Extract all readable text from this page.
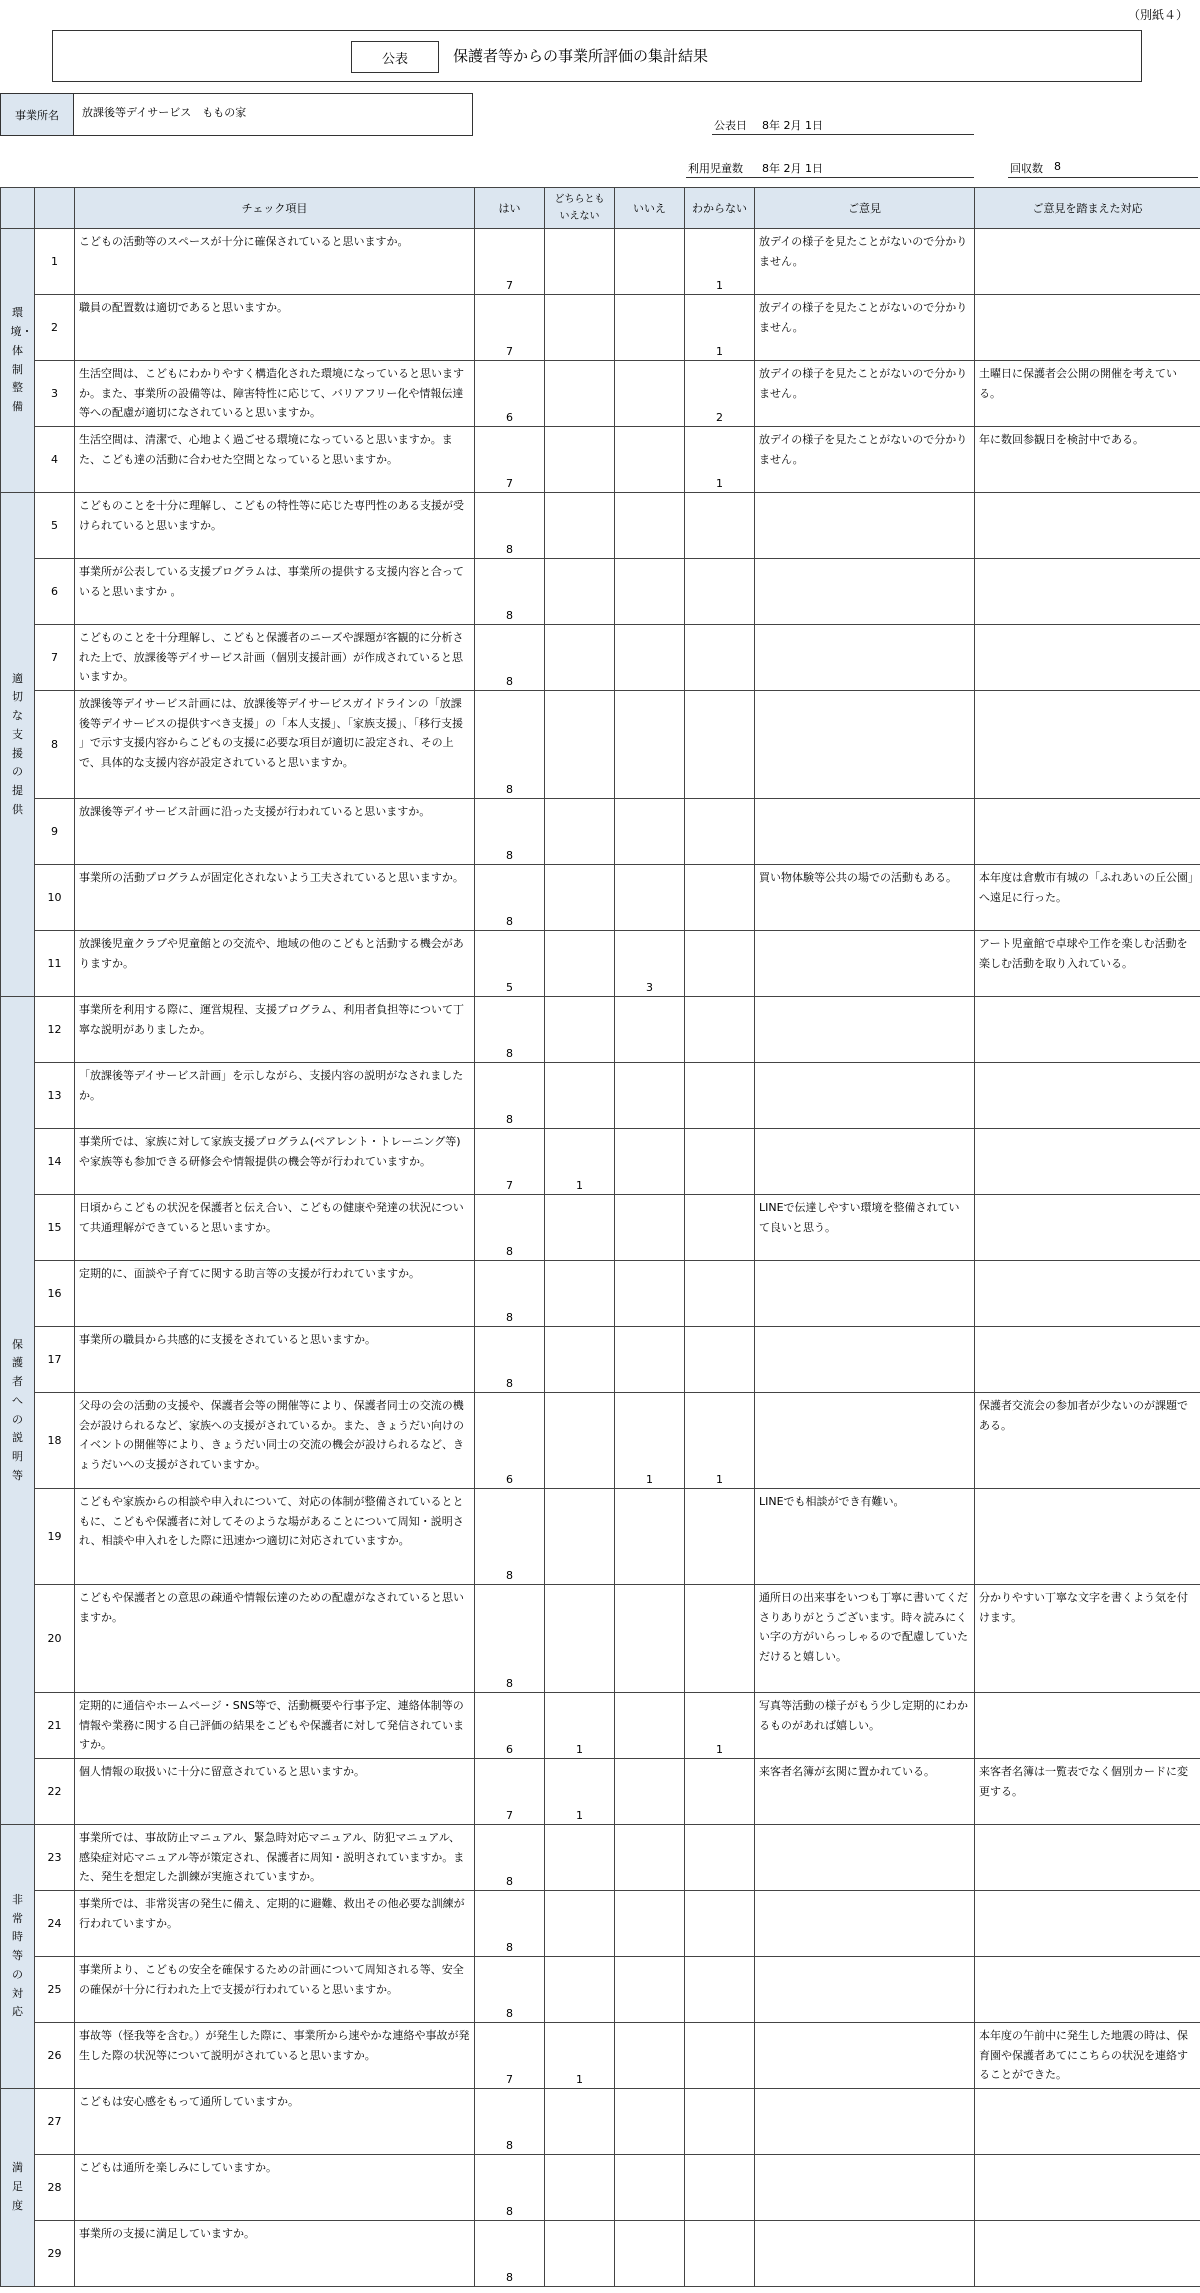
（別紙４）
公表	保護者等からの事業所評価の集計結果
事業所名	放課後等デイサービス　ももの家
公表日 8年 2月 1日
利用児童数 8年 2月 1日	回収数 8
		チェック項目	はい	どちらとも
いえない	いいえ	わからない	ご意見	ご意見を踏まえた対応

環境・体制整備	1	こどもの活動等のスペースが十分に確保されていると思いますか。	7			1	放デイの様子を見たことがないので分かりません。	
	2	職員の配置数は適切であると思いますか。	7			1	放デイの様子を見たことがないので分かりません。	
	3	生活空間は、こどもにわかりやすく構造化された環境になっていると思いますか。また、事業所の設備等は、障害特性に応じて、バリアフリー化や情報伝達等への配慮が適切になされていると思いますか。	6			2	放デイの様子を見たことがないので分かりません。	土曜日に保護者会公開の開催を考えている。
	4	生活空間は、清潔で、心地よく過ごせる環境になっていると思いますか。また、こども達の活動に合わせた空間となっていると思いますか。	7			1	放デイの様子を見たことがないので分かりません。	年に数回参観日を検討中である。

適切な支援の提供	5	こどものことを十分に理解し、こどもの特性等に応じた専門性のある支援が受けられていると思いますか。	8					
	6	事業所が公表している支援プログラムは、事業所の提供する支援内容と合っていると思いますか 。	8					
	7	こどものことを十分理解し、こどもと保護者のニーズや課題が客観的に分析された上で、放課後等デイサービス計画（個別支援計画）が作成されていると思いますか。	8					
	8	放課後等デイサービス計画には、放課後等デイサービスガイドラインの「放課後等デイサービスの提供すべき支援」の「本人支援」、「家族支援」、「移行支援 」で示す支援内容からこどもの支援に必要な項目が適切に設定され、その上で、具体的な支援内容が設定されていると思いますか。	8					
	9	放課後等デイサービス計画に沿った支援が行われていると思いますか。	8					
	10	事業所の活動プログラムが固定化されないよう工夫されていると思いますか。	8				買い物体験等公共の場での活動もある。	本年度は倉敷市有城の「ふれあいの丘公園」へ遠足に行った。
	11	放課後児童クラブや児童館との交流や、地域の他のこどもと活動する機会がありますか。	5		3			アート児童館で卓球や工作を楽しむ活動を楽しむ活動を取り入れている。

保護者への説明等	12	事業所を利用する際に、運営規程、支援プログラム、利用者負担等について丁寧な説明がありましたか。	8					
	13	「放課後等デイサービス計画」を示しながら、支援内容の説明がなされましたか。	8					
	14	事業所では、家族に対して家族支援プログラム(ペアレント・トレーニング等)や家族等も参加できる研修会や情報提供の機会等が行われていますか。	7	1				
	15	日頃からこどもの状況を保護者と伝え合い、こどもの健康や発達の状況について共通理解ができていると思いますか。	8				LINEで伝達しやすい環境を整備されていて良いと思う。	
	16	定期的に、面談や子育てに関する助言等の支援が行われていますか。	8					
	17	事業所の職員から共感的に支援をされていると思いますか。	8					
	18	父母の会の活動の支援や、保護者会等の開催等により、保護者同士の交流の機会が設けられるなど、家族への支援がされているか。また、きょうだい向けのイベントの開催等により、きょうだい同士の交流の機会が設けられるなど、きょうだいへの支援がされていますか。	6		1	1		保護者交流会の参加者が少ないのが課題である。
	19	こどもや家族からの相談や申入れについて、対応の体制が整備されているとともに、こどもや保護者に対してそのような場があることについて周知・説明され、相談や申入れをした際に迅速かつ適切に対応されていますか。	8				LINEでも相談ができ有難い。	
	20	こどもや保護者との意思の疎通や情報伝達のための配慮がなされていると思いますか。	8				通所日の出来事をいつも丁寧に書いてくださりありがとうございます。時々読みにくい字の方がいらっしゃるので配慮していただけると嬉しい。	分かりやすい丁寧な文字を書くよう気を付けます。
	21	定期的に通信やホームページ・SNS等で、活動概要や行事予定、連絡体制等の情報や業務に関する自己評価の結果をこどもや保護者に対して発信されていますか。	6	1		1	写真等活動の様子がもう少し定期的にわかるものがあれば嬉しい。	
	22	個人情報の取扱いに十分に留意されていると思いますか。	7	1			来客者名簿が玄関に置かれている。	来客者名簿は一覧表でなく個別カードに変更する。

非常時等の対応	23	事業所では、事故防止マニュアル、緊急時対応マニュアル、防犯マニュアル、感染症対応マニュアル等が策定され、保護者に周知・説明されていますか。また、発生を想定した訓練が実施されていますか。	8					
	24	事業所では、非常災害の発生に備え、定期的に避難、救出その他必要な訓練が行われていますか。	8					
	25	事業所より、こどもの安全を確保するための計画について周知される等、安全の確保が十分に行われた上で支援が行われていると思いますか。	8					
	26	事故等（怪我等を含む。）が発生した際に、事業所から速やかな連絡や事故が発生した際の状況等について説明がされていると思いますか。	7	1				本年度の午前中に発生した地震の時は、保育園や保護者あてにこちらの状況を連絡することができた。

満足度	27	こどもは安心感をもって通所していますか。	8					
	28	こどもは通所を楽しみにしていますか。	8					
	29	事業所の支援に満足していますか。	8					
